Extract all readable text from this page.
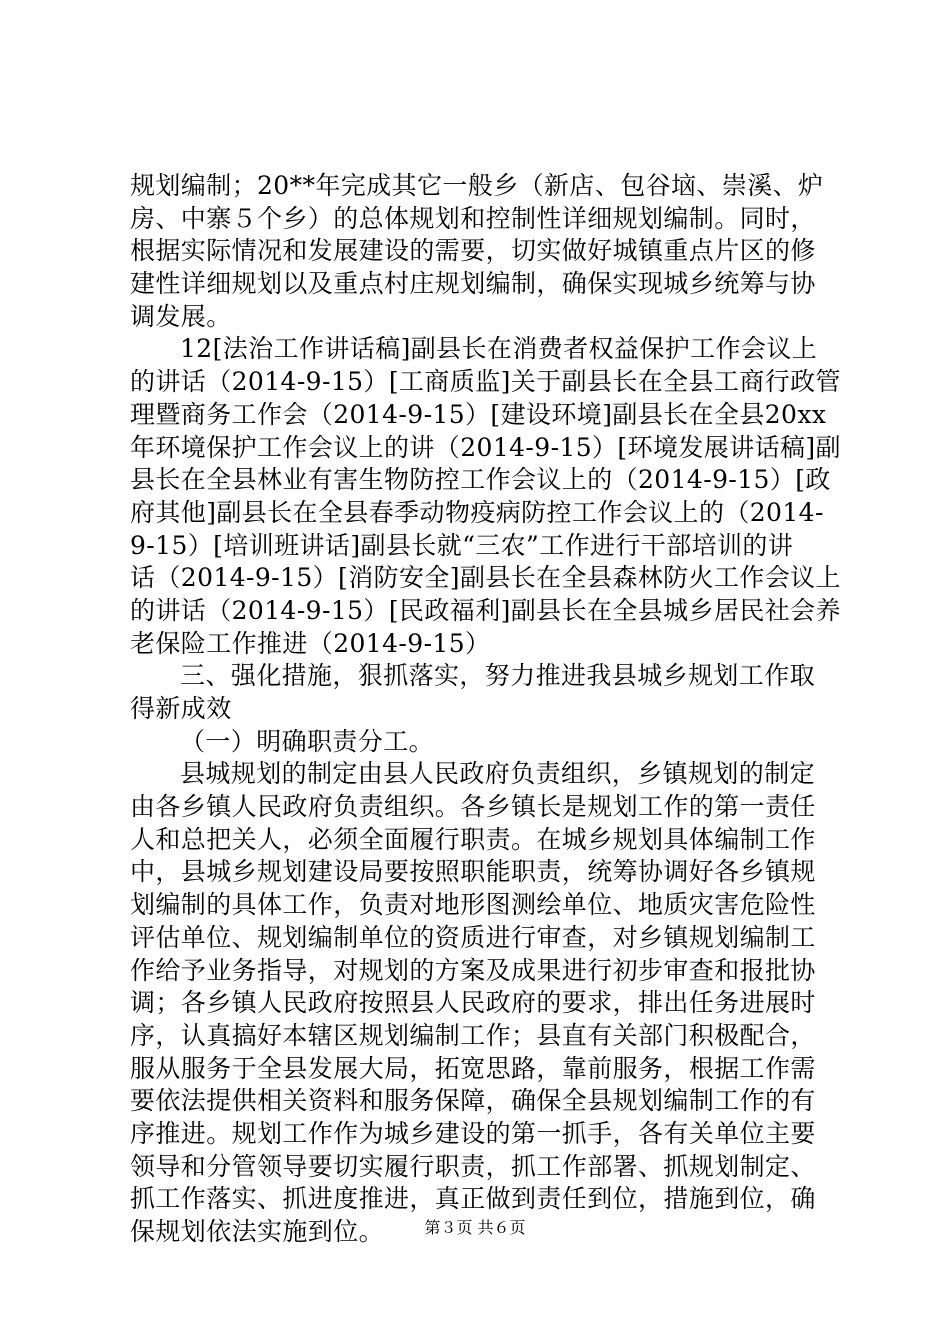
规划编制；20**年完成其它一般乡（新店、包谷垴、崇溪、炉
房、中寨５个乡）的总体规划和控制性详细规划编制。同时，
根据实际情况和发展建设的需要，切实做好城镇重点片区的修
建性详细规划以及重点村庄规划编制，确保实现城乡统筹与协
调发展。
12[法治工作讲话稿]副县长在消费者权益保护工作会议上
的讲话（2014-9-15）[工商质监]关于副县长在全县工商行政管
理暨商务工作会（2014-9-15）[建设环境]副县长在全县20xx
年环境保护工作会议上的讲（2014-9-15）[环境发展讲话稿]副
县长在全县林业有害生物防控工作会议上的（2014-9-15）[政
府其他]副县长在全县春季动物疫病防控工作会议上的（2014-
9-15）[培训班讲话]副县长就“三农”工作进行干部培训的讲
话（2014-9-15）[消防安全]副县长在全县森林防火工作会议上
的讲话（2014-9-15）[民政福利]副县长在全县城乡居民社会养
老保险工作推进（2014-9-15）
三、强化措施，狠抓落实，努力推进我县城乡规划工作取
得新成效
（一）明确职责分工。
县城规划的制定由县人民政府负责组织，乡镇规划的制定
由各乡镇人民政府负责组织。各乡镇长是规划工作的第一责任
人和总把关人，必须全面履行职责。在城乡规划具体编制工作
中，县城乡规划建设局要按照职能职责，统筹协调好各乡镇规
划编制的具体工作，负责对地形图测绘单位、地质灾害危险性
评估单位、规划编制单位的资质进行审查，对乡镇规划编制工
作给予业务指导，对规划的方案及成果进行初步审查和报批协
调；各乡镇人民政府按照县人民政府的要求，排出任务进展时
序，认真搞好本辖区规划编制工作；县直有关部门积极配合，
服从服务于全县发展大局，拓宽思路，靠前服务，根据工作需
要依法提供相关资料和服务保障，确保全县规划编制工作的有
序推进。规划工作作为城乡建设的第一抓手，各有关单位主要
领导和分管领导要切实履行职责，抓工作部署、抓规划制定、
抓工作落实、抓进度推进，真正做到责任到位，措施到位，确
保规划依法实施到位。	第３页 共６页
